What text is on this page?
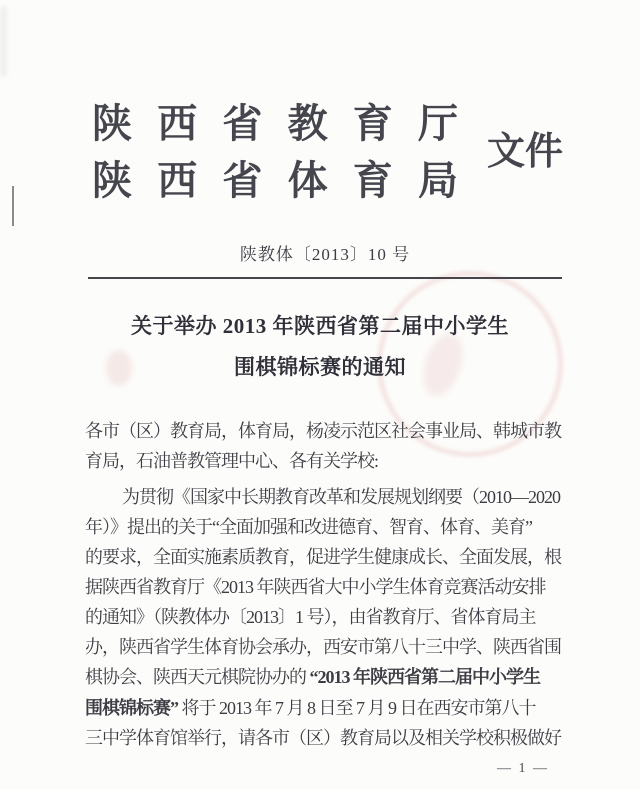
陕 西 省 教 育 厅
陕 西 省 体 育 局
文 件
陕教体〔2013〕10 号
关于举办 2013 年陕西省第二届中小学生
围棋锦标赛的通知
各市（区）教育局，体育局，杨凌示范区社会事业局、韩城市教
育局，石油普教管理中心、各有关学校:
为贯彻《国家中长期教育改革和发展规划纲要（2010—2020
年）》提出的关于“全面加强和改进德育、智育、体育、美育”
的要求，全面实施素质教育，促进学生健康成长、全面发展，根
据陕西省教育厅《2013 年陕西省大中小学生体育竞赛活动安排
的通知》（陕教体办〔2013〕1 号），由省教育厅、省体育局主
办，陕西省学生体育协会承办，西安市第八十三中学、陕西省围
棋协会、陕西天元棋院协办的 “2013 年陕西省第二届中小学生
围棋锦标赛” 将于 2013 年 7 月 8 日至 7 月 9 日在西安市第八十
三中学体育馆举行，请各市（区）教育局以及相关学校积极做好
— 1 —
